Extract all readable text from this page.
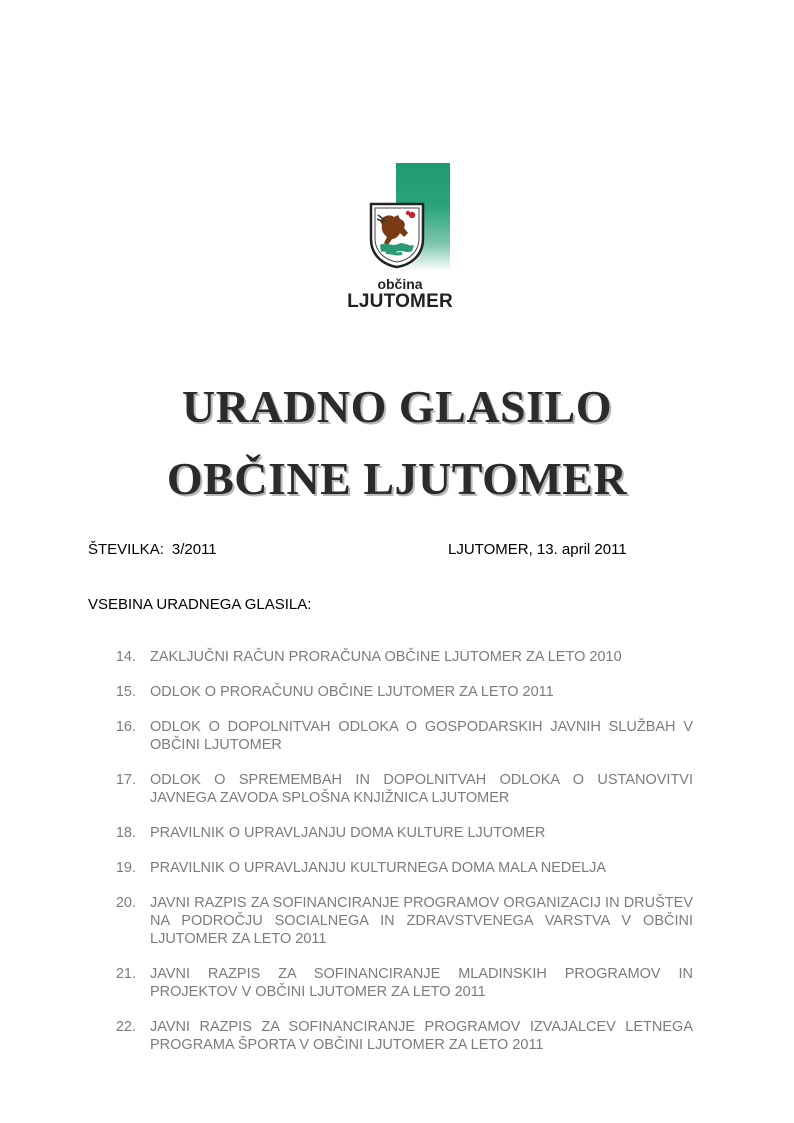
občina
LJUTOMER
URADNO GLASILO
OBČINE LJUTOMER
ŠTEVILKA: 3/2011	LJUTOMER, 13. april 2011
VSEBINA URADNEGA GLASILA:
14. ZAKLJUČNI RAČUN PRORAČUNA OBČINE LJUTOMER ZA LETO 2010
15. ODLOK O PRORAČUNU OBČINE LJUTOMER ZA LETO 2011
16. ODLOK O DOPOLNITVAH ODLOKA O GOSPODARSKIH JAVNIH SLUŽBAH V OBČINI LJUTOMER
17. ODLOK O SPREMEMBAH IN DOPOLNITVAH ODLOKA O USTANOVITVI JAVNEGA ZAVODA SPLOŠNA KNJIŽNICA LJUTOMER
18. PRAVILNIK O UPRAVLJANJU DOMA KULTURE LJUTOMER
19. PRAVILNIK O UPRAVLJANJU KULTURNEGA DOMA MALA NEDELJA
20. JAVNI RAZPIS ZA SOFINANCIRANJE PROGRAMOV ORGANIZACIJ IN DRUŠTEV NA PODROČJU SOCIALNEGA IN ZDRAVSTVENEGA VARSTVA V OBČINI LJUTOMER ZA LETO 2011
21. JAVNI RAZPIS ZA SOFINANCIRANJE MLADINSKIH PROGRAMOV IN PROJEKTOV V OBČINI LJUTOMER ZA LETO 2011
22. JAVNI RAZPIS ZA SOFINANCIRANJE PROGRAMOV IZVAJALCEV LETNEGA PROGRAMA ŠPORTA V OBČINI LJUTOMER ZA LETO 2011
